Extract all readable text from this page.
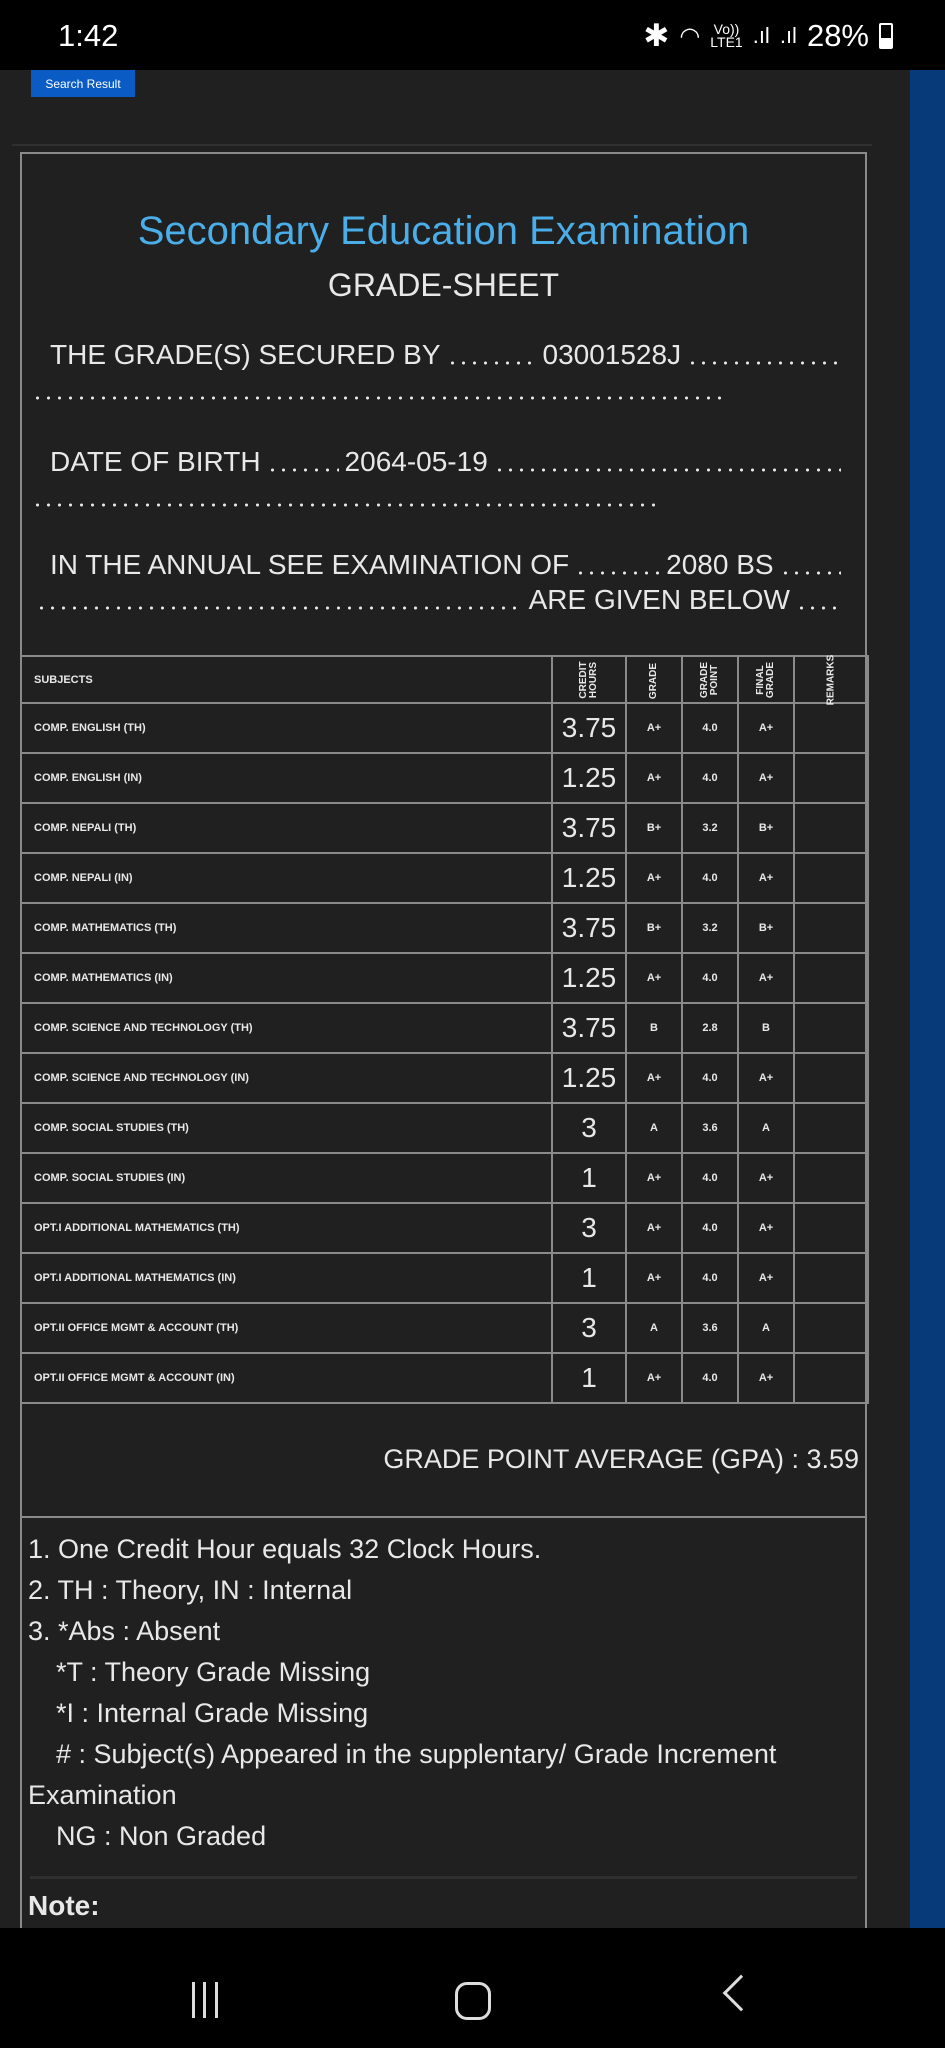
1:42	✱ ◠ Vo))
LTE1 .ıl .ıl 28%
Search Result
Secondary Education Examination
GRADE-SHEET
THE GRADE(S) SECURED BY	03001528J
DATE OF BIRTH	2064-05-19
IN THE ANNUAL SEE EXAMINATION OF	2080 BS
ARE GIVEN BELOW
SUBJECTS	CREDIT HOURS	GRADE	GRADE POINT	FINAL GRADE	REMARKS
COMP. ENGLISH (TH)	3.75	A+	4.0	A+	
COMP. ENGLISH (IN)	1.25	A+	4.0	A+	
COMP. NEPALI (TH)	3.75	B+	3.2	B+	
COMP. NEPALI (IN)	1.25	A+	4.0	A+	
COMP. MATHEMATICS (TH)	3.75	B+	3.2	B+	
COMP. MATHEMATICS (IN)	1.25	A+	4.0	A+	
COMP. SCIENCE AND TECHNOLOGY (TH)	3.75	B	2.8	B	
COMP. SCIENCE AND TECHNOLOGY (IN)	1.25	A+	4.0	A+	
COMP. SOCIAL STUDIES (TH)	3	A	3.6	A	
COMP. SOCIAL STUDIES (IN)	1	A+	4.0	A+	
OPT.I ADDITIONAL MATHEMATICS (TH)	3	A+	4.0	A+	
OPT.I ADDITIONAL MATHEMATICS (IN)	1	A+	4.0	A+	
OPT.II OFFICE MGMT & ACCOUNT (TH)	3	A	3.6	A	
OPT.II OFFICE MGMT & ACCOUNT (IN)	1	A+	4.0	A+	
GRADE POINT AVERAGE (GPA) : 3.59
1. One Credit Hour equals 32 Clock Hours.
2. TH : Theory, IN : Internal
3. *Abs : Absent
*T : Theory Grade Missing
*I : Internal Grade Missing
# : Subject(s) Appeared in the supplentary/ Grade Increment
Examination
NG : Non Graded
Note:
